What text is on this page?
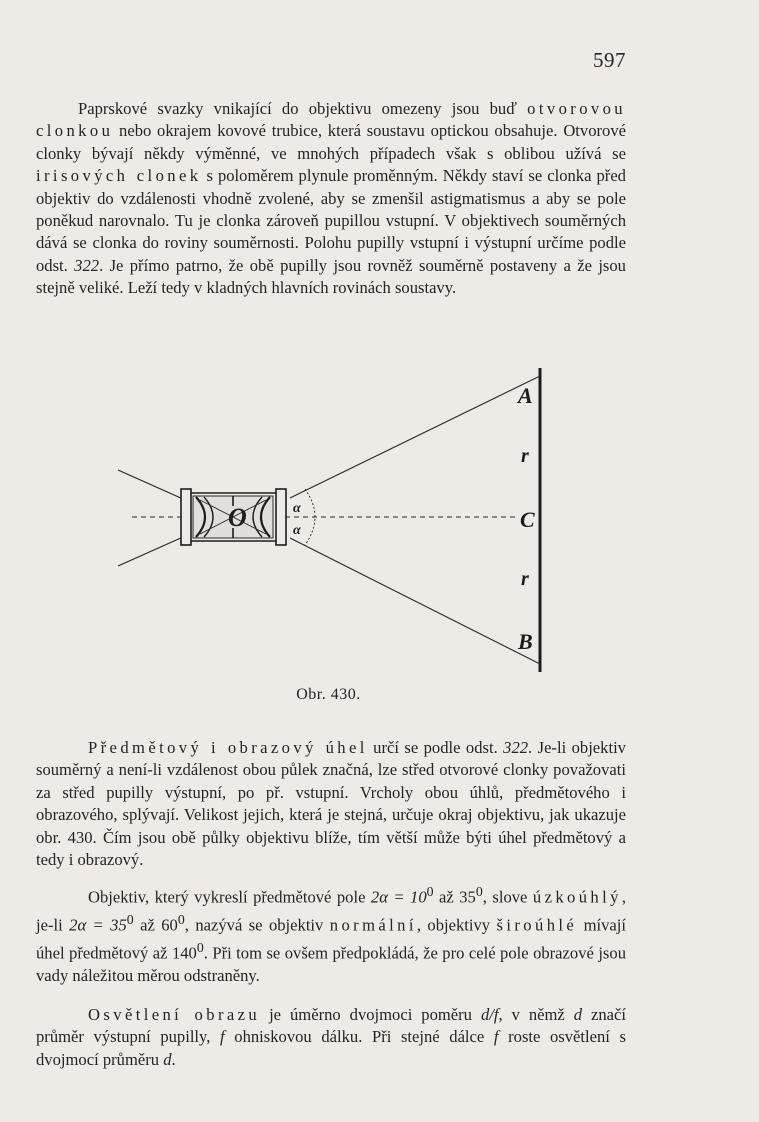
597

Paprskové svazky vnikající do objektivu omezeny jsou buď otvorovou clonkou nebo okrajem kovové trubice, která soustavu optickou obsahuje. Otvorové clonky bývají někdy výměnné, ve mnohých případech však s oblibou užívá se irisových clonek s poloměrem plynule proměnným. Někdy staví se clonka před objektiv do vzdálenosti vhodně zvolené, aby se zmenšil astigmatismus a aby se pole poněkud narovnalo. Tu je clonka zároveň pupillou vstupní. V objektivech souměrných dává se clonka do roviny souměrnosti. Polohu pupilly vstupní i výstupní určíme podle odst. 322. Je přímo patrno, že obě pupilly jsou rovněž souměrně postaveny a že jsou stejně veliké. Leží tedy v kladných hlavních rovinách soustavy.

O	α
α
A
r
C
r
B
Obr. 430.

Předmětový i obrazový úhel určí se podle odst. 322. Je-li objektiv souměrný a není-li vzdálenost obou půlek značná, lze střed otvorové clonky považovati za střed pupilly výstupní, po př. vstupní. Vrcholy obou úhlů, předmětového i obrazového, splývají. Velikost jejich, která je stejná, určuje okraj objektivu, jak ukazuje obr. 430. Čím jsou obě půlky objektivu blíže, tím větší může býti úhel předmětový a tedy i obrazový.

Objektiv, který vykreslí předmětové pole $2\alpha = 10^0$ až $35^0$, slove úzkoúhlý, je-li $2\alpha = 35^0$ až $60^0$, nazývá se objektiv normální, objektivy široúhlé mívají úhel předmětový až $140^0$. Při tom se ovšem předpokládá, že pro celé pole obrazové jsou vady náležitou měrou odstraněny.

Osvětlení obrazu je úměrno dvojmoci poměru d/f, v němž d značí průměr výstupní pupilly, f ohniskovou dálku. Při stejné dálce f roste osvětlení s dvojmocí průměru d.
